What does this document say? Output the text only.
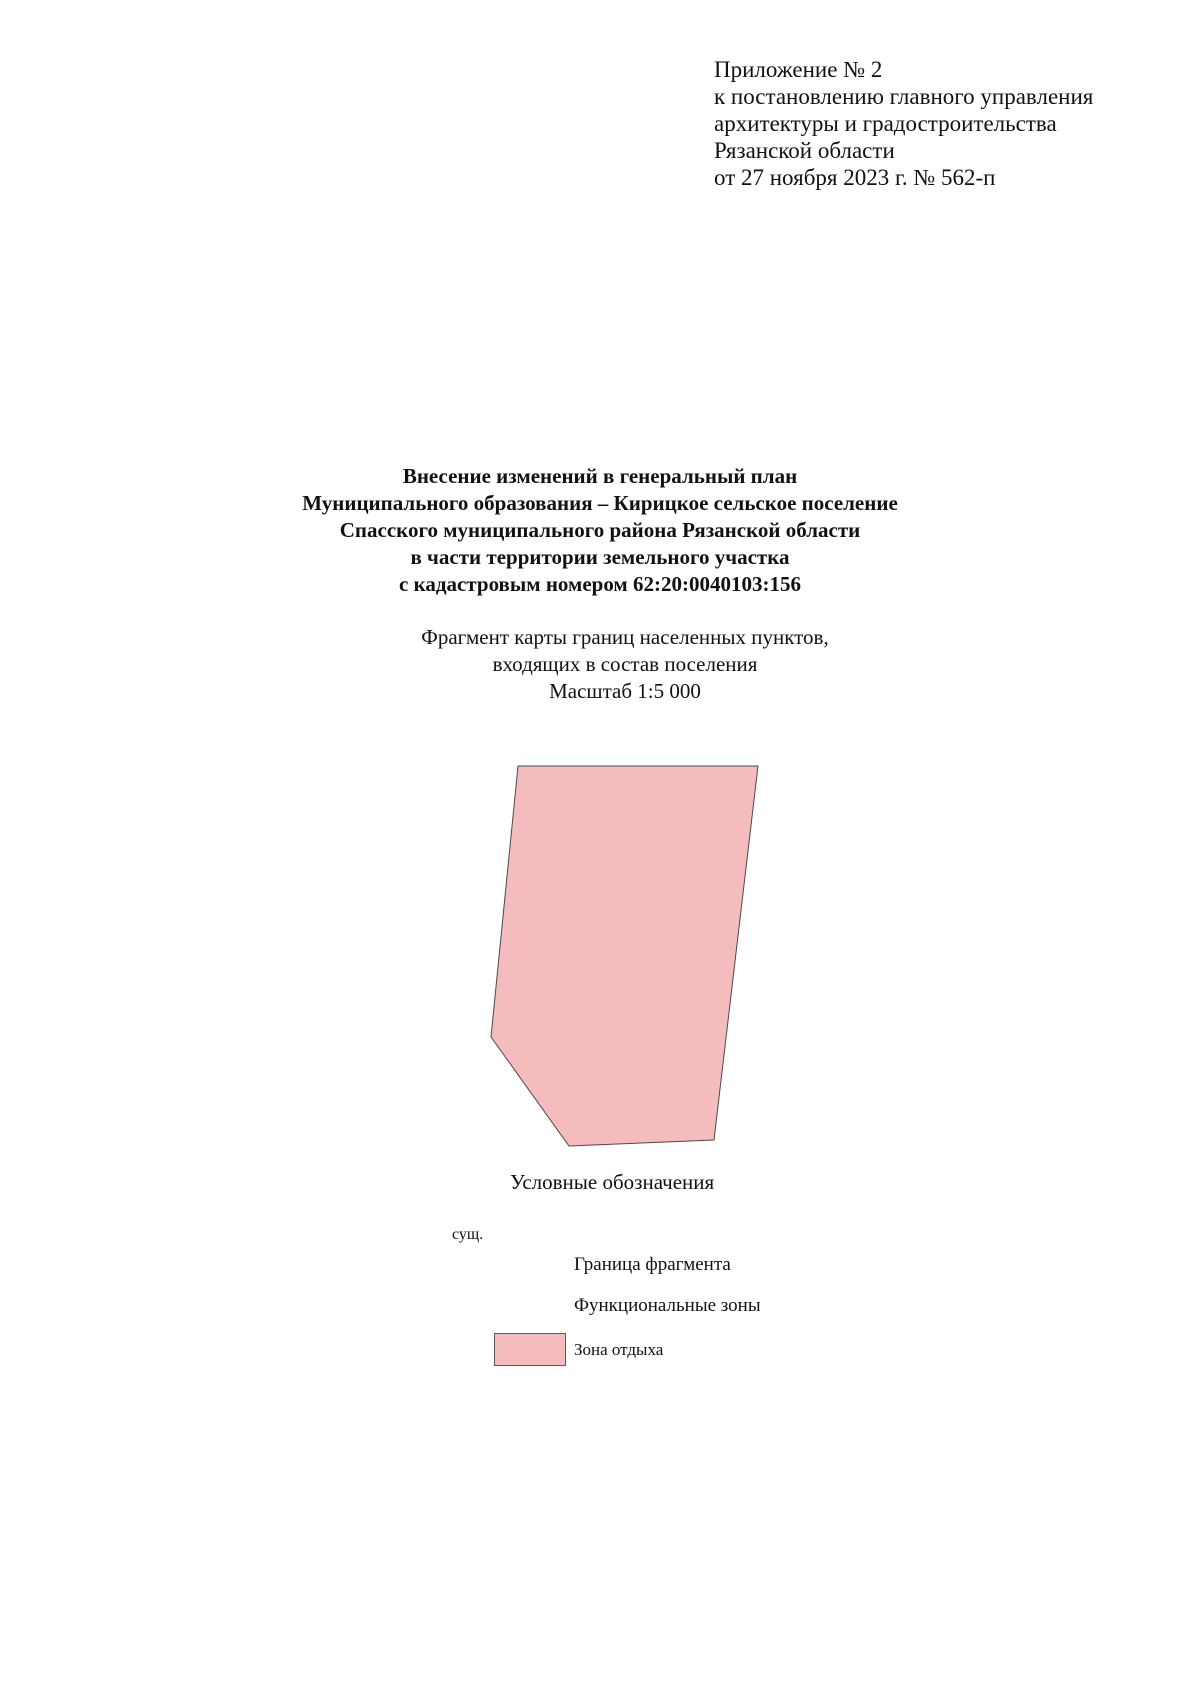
Приложение № 2
к постановлению главного управления
архитектуры и градостроительства
Рязанской области
от 27 ноября 2023 г. № 562-п
Внесение изменений в генеральный план
Муниципального образования – Кирицкое сельское поселение
Спасского муниципального района Рязанской области
в части территории земельного участка
с кадастровым номером 62:20:0040103:156
Фрагмент карты границ населенных пунктов,
входящих в состав поселения
Масштаб 1:5 000
Условные обозначения
сущ.
Граница фрагмента
Функциональные зоны
Зона отдыха
